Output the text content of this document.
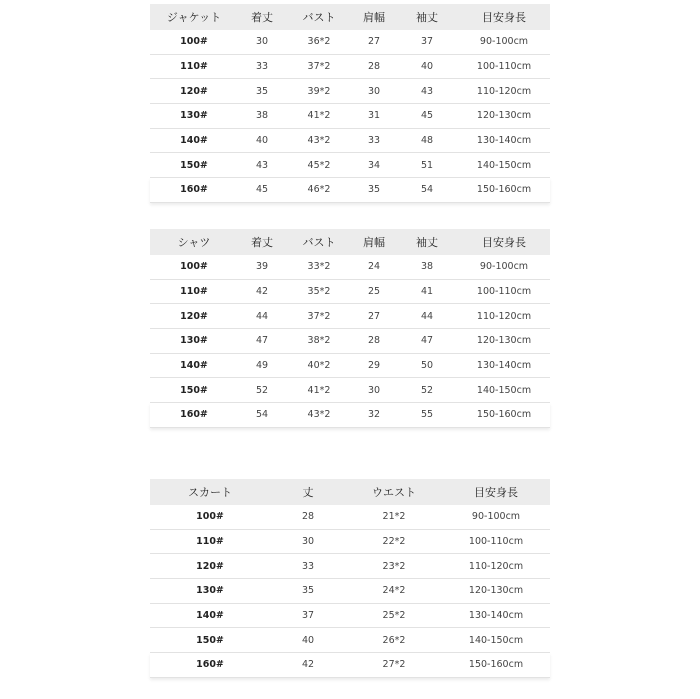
ジャケット	着丈	バスト	肩幅	袖丈	目安身長
100#	30	36*2	27	37	90-100cm
110#	33	37*2	28	40	100-110cm
120#	35	39*2	30	43	110-120cm
130#	38	41*2	31	45	120-130cm
140#	40	43*2	33	48	130-140cm
150#	43	45*2	34	51	140-150cm
160#	45	46*2	35	54	150-160cm
シャツ	着丈	バスト	肩幅	袖丈	目安身長
100#	39	33*2	24	38	90-100cm
110#	42	35*2	25	41	100-110cm
120#	44	37*2	27	44	110-120cm
130#	47	38*2	28	47	120-130cm
140#	49	40*2	29	50	130-140cm
150#	52	41*2	30	52	140-150cm
160#	54	43*2	32	55	150-160cm
スカート	丈	ウエスト	目安身長
100#	28	21*2	90-100cm
110#	30	22*2	100-110cm
120#	33	23*2	110-120cm
130#	35	24*2	120-130cm
140#	37	25*2	130-140cm
150#	40	26*2	140-150cm
160#	42	27*2	150-160cm
